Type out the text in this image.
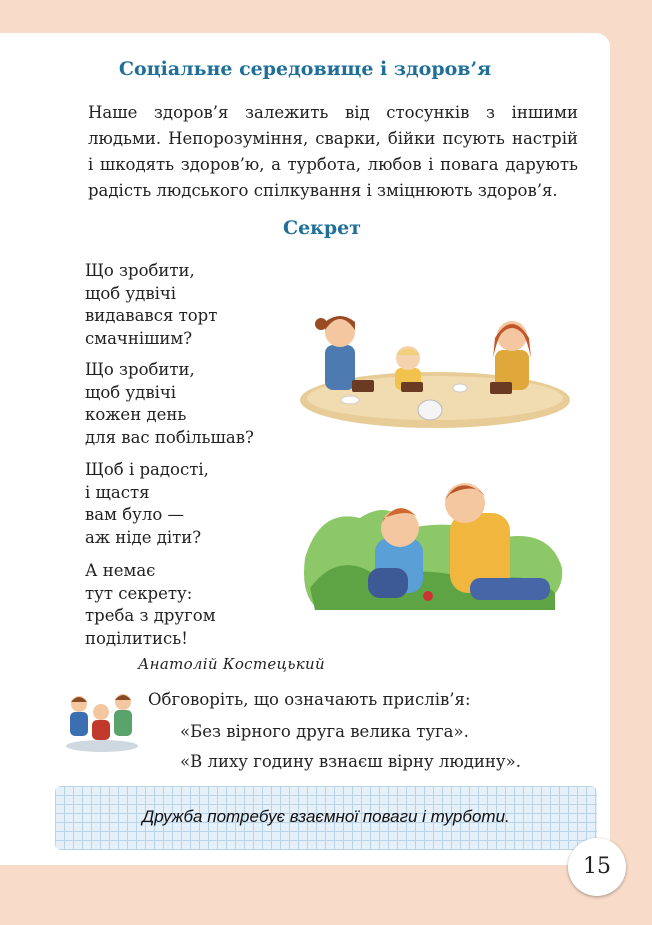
Соціальне середовище і здоров’я

Наше здоров’я залежить від стосунків з іншими людьми. Непорозуміння, сварки, бійки псують настрій і шкодять здоров’ю, а турбота, любов і повага дарують радість людського спілкування і зміцнюють здоров’я.

Секрет
Що зробити,
щоб удвічі
видавався торт
смачнішим?
Що зробити,
щоб удвічі
кожен день
для вас побільшав?
Щоб і радості,
і щастя
вам було —
аж ніде діти?
А немає
тут секрету:
треба з другом
поділитись!
Анатолій Костецький
Обговоріть, що означають прислів’я:
«Без вірного друга велика туга».
«В лиху годину взнаєш вірну людину».
Дружба потребує взаємної поваги і турботи.
15
